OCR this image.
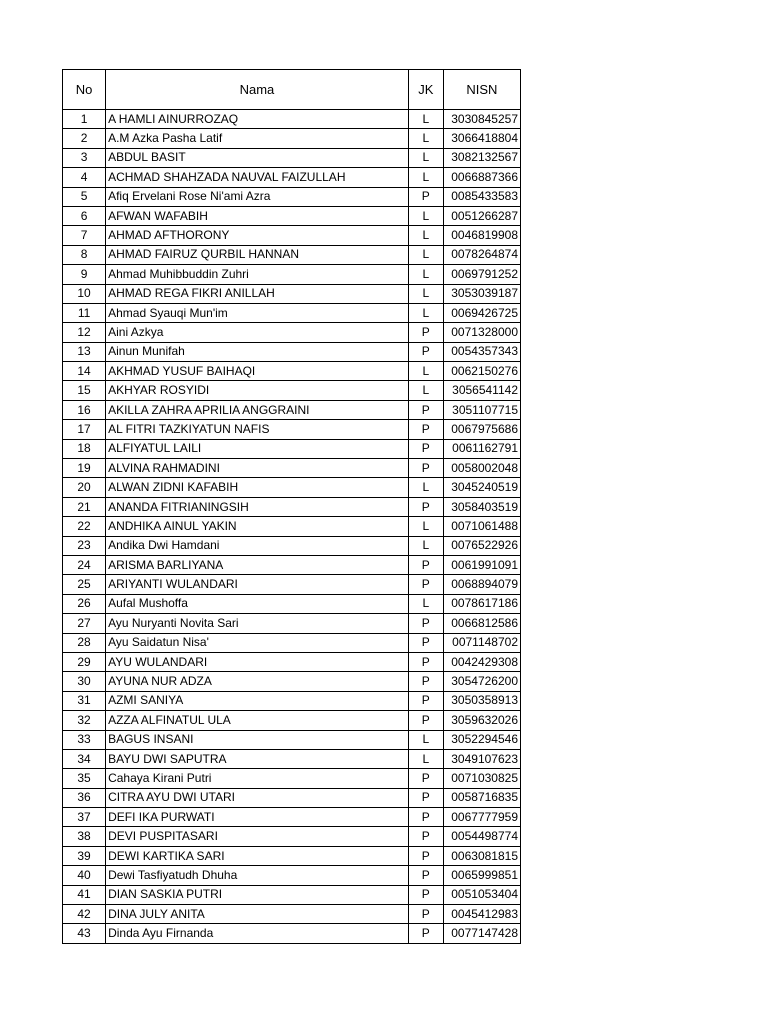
No	Nama	JK	NISN
1	A HAMLI AINURROZAQ	L	3030845257
2	A.M Azka Pasha Latif	L	3066418804
3	ABDUL BASIT	L	3082132567
4	ACHMAD SHAHZADA NAUVAL FAIZULLAH	L	0066887366
5	Afiq Ervelani Rose Ni'ami Azra	P	0085433583
6	AFWAN WAFABIH	L	0051266287
7	AHMAD AFTHORONY	L	0046819908
8	AHMAD FAIRUZ QURBIL HANNAN	L	0078264874
9	Ahmad Muhibbuddin Zuhri	L	0069791252
10	AHMAD REGA FIKRI ANILLAH	L	3053039187
11	Ahmad Syauqi Mun'im	L	0069426725
12	Aini Azkya	P	0071328000
13	Ainun Munifah	P	0054357343
14	AKHMAD YUSUF BAIHAQI	L	0062150276
15	AKHYAR ROSYIDI	L	3056541142
16	AKILLA ZAHRA APRILIA ANGGRAINI	P	3051107715
17	AL FITRI TAZKIYATUN NAFIS	P	0067975686
18	ALFIYATUL LAILI	P	0061162791
19	ALVINA RAHMADINI	P	0058002048
20	ALWAN ZIDNI KAFABIH	L	3045240519
21	ANANDA FITRIANINGSIH	P	3058403519
22	ANDHIKA AINUL YAKIN	L	0071061488
23	Andika Dwi Hamdani	L	0076522926
24	ARISMA BARLIYANA	P	0061991091
25	ARIYANTI WULANDARI	P	0068894079
26	Aufal Mushoffa	L	0078617186
27	Ayu Nuryanti Novita Sari	P	0066812586
28	Ayu Saidatun Nisa'	P	0071148702
29	AYU WULANDARI	P	0042429308
30	AYUNA NUR ADZA	P	3054726200
31	AZMI SANIYA	P	3050358913
32	AZZA ALFINATUL ULA	P	3059632026
33	BAGUS INSANI	L	3052294546
34	BAYU DWI SAPUTRA	L	3049107623
35	Cahaya Kirani Putri	P	0071030825
36	CITRA AYU DWI UTARI	P	0058716835
37	DEFI IKA PURWATI	P	0067777959
38	DEVI PUSPITASARI	P	0054498774
39	DEWI KARTIKA SARI	P	0063081815
40	Dewi Tasfiyatudh Dhuha	P	0065999851
41	DIAN SASKIA PUTRI	P	0051053404
42	DINA JULY ANITA	P	0045412983
43	Dinda Ayu Firnanda	P	0077147428
